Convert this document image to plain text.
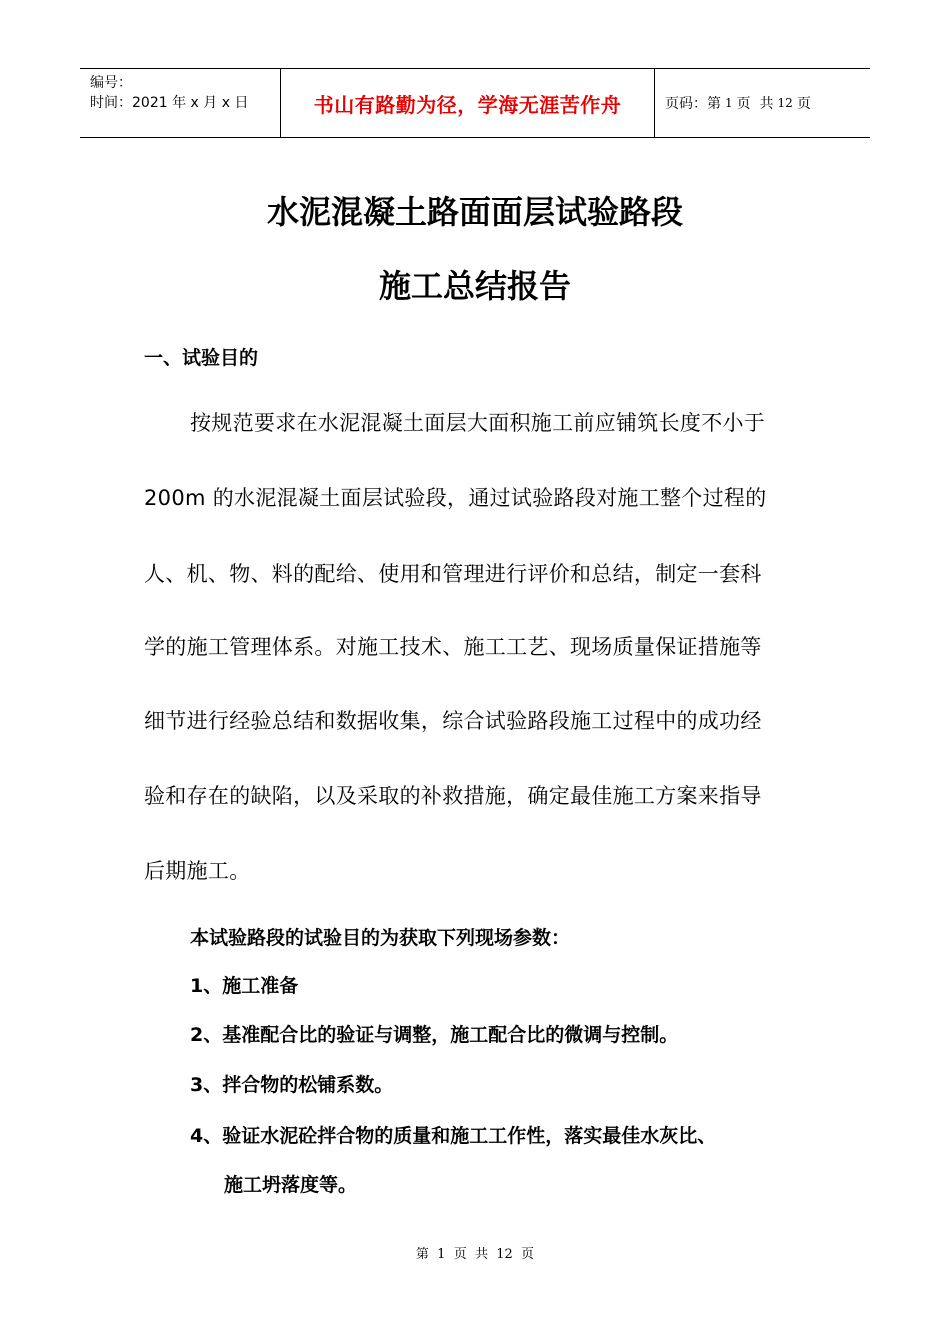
编号：
时间：2021 年 x 月 x 日	书山有路勤为径，学海无涯苦作舟	页码：第 1 页  共 12 页
水泥混凝土路面面层试验路段
施工总结报告
一、试验目的
按规范要求在水泥混凝土面层大面积施工前应铺筑长度不小于
200m 的水泥混凝土面层试验段，通过试验路段对施工整个过程的
人、机、物、料的配给、使用和管理进行评价和总结，制定一套科
学的施工管理体系。对施工技术、施工工艺、现场质量保证措施等
细节进行经验总结和数据收集，综合试验路段施工过程中的成功经
验和存在的缺陷，以及采取的补救措施，确定最佳施工方案来指导
后期施工。
本试验路段的试验目的为获取下列现场参数：
1、施工准备
2、基准配合比的验证与调整，施工配合比的微调与控制。
3、拌合物的松铺系数。
4、验证水泥砼拌合物的质量和施工工作性，落实最佳水灰比、
施工坍落度等。
第  1  页  共  12  页
